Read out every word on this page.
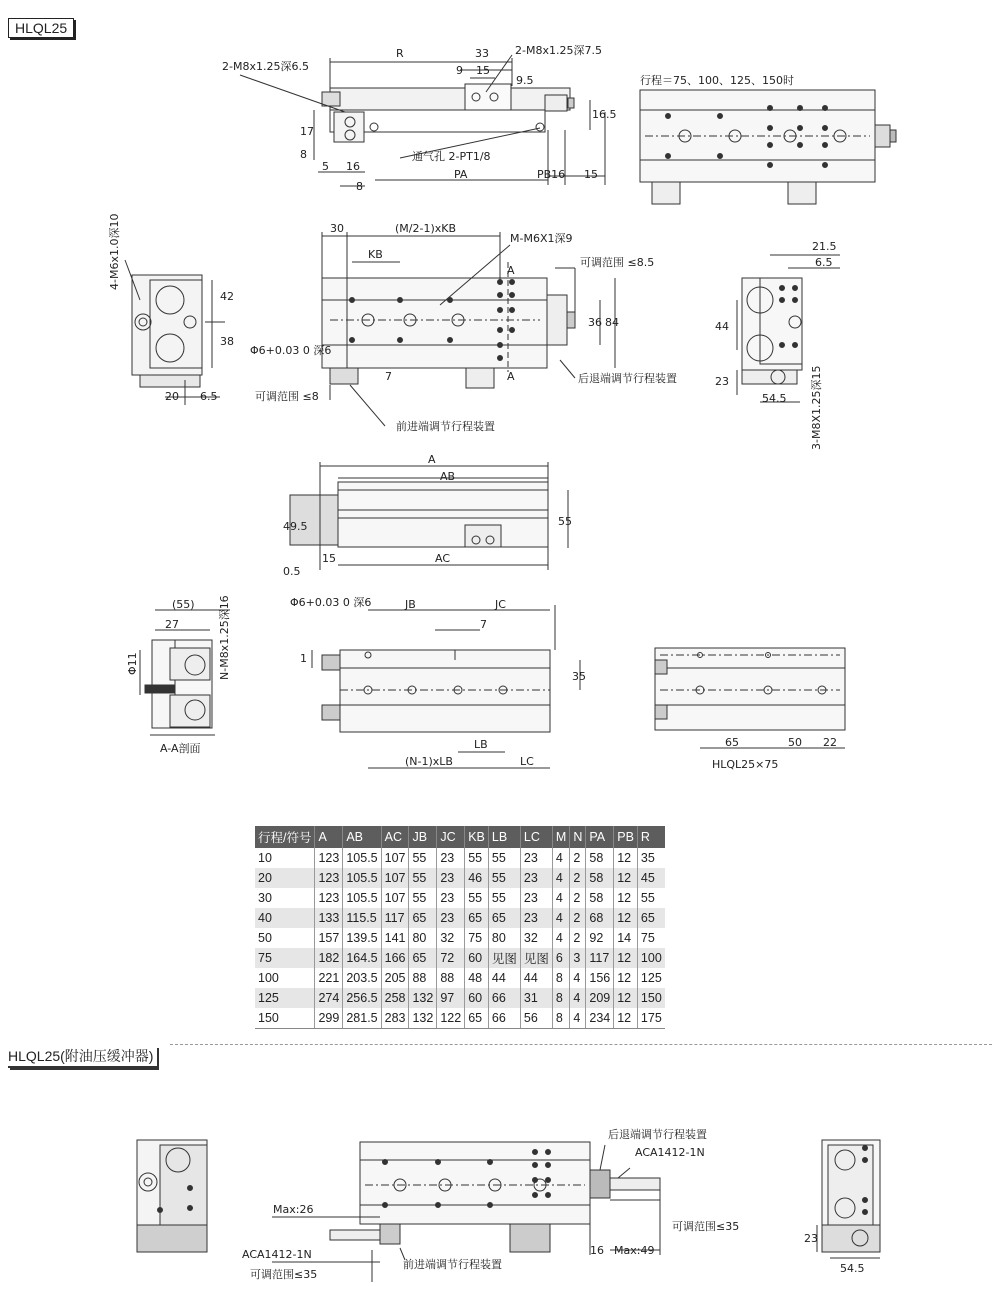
HLQL25
2-M8x1.25深6.5
2-M8x1.25深7.5
行程＝75、100、125、150时
通气孔 2-PT1/8
R	33
9 15
9.5
16.5
17
8
5 16
8
PA	PB16 15
4-M6x1.0深10
42
38
20 6.5
30	(M/2-1)xKB
M-M6X1深9
KB
A
A
可调范围 ≤8.5
36 84
后退端调节行程装置
Φ6+0.03 0 深6
可调范围 ≤8
7
前进端调节行程装置
21.5
6.5
44
23
54.5 3-M8X1.25深15
A
AB
49.5	55
0.5
15	AC
(55)
27
Φ11	N-M8x1.25深16
A-A剖面
Φ6+0.03 0 深6	JB	JC
7
1
35
LB
(N-1)xLB	LC
65	50 22
HLQL25×75
行程/符号	A	AB	AC	JB	JC	KB	LB	LC	M	N	PA	PB	R
10	123	105.5	107	55	23	55	55	23	4	2	58	12	35
20	123	105.5	107	55	23	46	55	23	4	2	58	12	45
30	123	105.5	107	55	23	55	55	23	4	2	58	12	55
40	133	115.5	117	65	23	65	65	23	4	2	68	12	65
50	157	139.5	141	80	32	75	80	32	4	2	92	14	75
75	182	164.5	166	65	72	60	见图	见图	6	3	117	12	100
100	221	203.5	205	88	88	48	44	44	8	4	156	12	125
125	274	256.5	258	132	97	60	66	31	8	4	209	12	150
150	299	281.5	283	132	122	65	66	56	8	4	234	12	175
HLQL25(附油压缓冲器)
后退端调节行程装置
ACA1412-1N
Max:26
可调范围≤35
ACA1412-1N	16 Max:49
前进端调节行程装置
可调范围≤35
23
54.5
